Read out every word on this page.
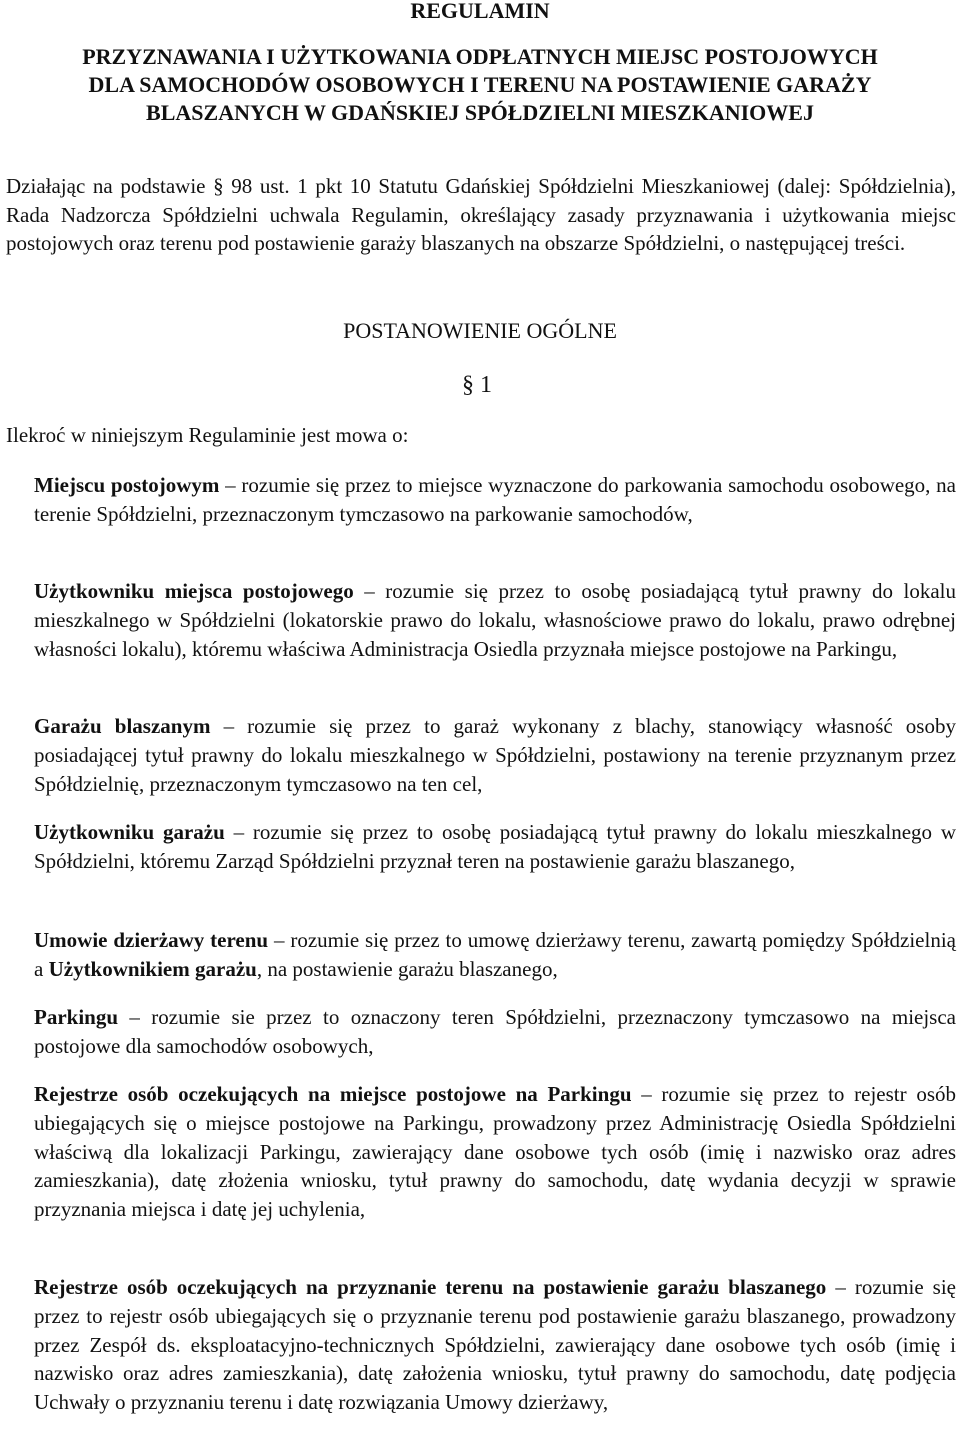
REGULAMIN
PRZYZNAWANIA I UŻYTKOWANIA ODPŁATNYCH MIEJSC POSTOJOWYCH
DLA SAMOCHODÓW OSOBOWYCH I TERENU NA POSTAWIENIE GARAŻY
BLASZANYCH W GDAŃSKIEJ SPÓŁDZIELNI MIESZKANIOWEJ
Działając na podstawie § 98 ust. 1 pkt 10 Statutu Gdańskiej Spółdzielni Mieszkaniowej (dalej: Spółdzielnia), Rada Nadzorcza Spółdzielni uchwala Regulamin, określający zasady przyznawania i użytkowania miejsc postojowych oraz terenu pod postawienie garaży blaszanych na obszarze Spółdzielni, o następującej treści.
POSTANOWIENIE OGÓLNE
§ 1
Ilekroć w niniejszym Regulaminie jest mowa o:
Miejscu postojowym – rozumie się przez to miejsce wyznaczone do parkowania samochodu osobowego, na terenie Spółdzielni, przeznaczonym tymczasowo na parkowanie samochodów,
Użytkowniku miejsca postojowego – rozumie się przez to osobę posiadającą tytuł prawny do lokalu mieszkalnego w Spółdzielni (lokatorskie prawo do lokalu, własnościowe prawo do lokalu, prawo odrębnej własności lokalu), któremu właściwa Administracja Osiedla przyznała miejsce postojowe na Parkingu,
Garażu blaszanym – rozumie się przez to garaż wykonany z blachy, stanowiący własność osoby posiadającej tytuł prawny do lokalu mieszkalnego w Spółdzielni, postawiony na terenie przyznanym przez Spółdzielnię, przeznaczonym tymczasowo na ten cel,
Użytkowniku garażu – rozumie się przez to osobę posiadającą tytuł prawny do lokalu mieszkalnego w Spółdzielni, któremu Zarząd Spółdzielni przyznał teren na postawienie garażu blaszanego,
Umowie dzierżawy terenu – rozumie się przez to umowę dzierżawy terenu, zawartą pomiędzy Spółdzielnią a Użytkownikiem garażu, na postawienie garażu blaszanego,
Parkingu – rozumie sie przez to oznaczony teren Spółdzielni, przeznaczony tymczasowo na miejsca postojowe dla samochodów osobowych,
Rejestrze osób oczekujących na miejsce postojowe na Parkingu – rozumie się przez to rejestr osób ubiegających się o miejsce postojowe na Parkingu, prowadzony przez Administrację Osiedla Spółdzielni właściwą dla lokalizacji Parkingu, zawierający dane osobowe tych osób (imię i nazwisko oraz adres zamieszkania), datę złożenia wniosku, tytuł prawny do samochodu, datę wydania decyzji w sprawie przyznania miejsca i datę jej uchylenia,
Rejestrze osób oczekujących na przyznanie terenu na postawienie garażu blaszanego – rozumie się przez to rejestr osób ubiegających się o przyznanie terenu pod postawienie garażu blaszanego, prowadzony przez Zespół ds. eksploatacyjno-technicznych Spółdzielni, zawierający dane osobowe tych osób (imię i nazwisko oraz adres zamieszkania), datę założenia wniosku, tytuł prawny do samochodu, datę podjęcia Uchwały o przyznaniu terenu i datę rozwiązania Umowy dzierżawy,
